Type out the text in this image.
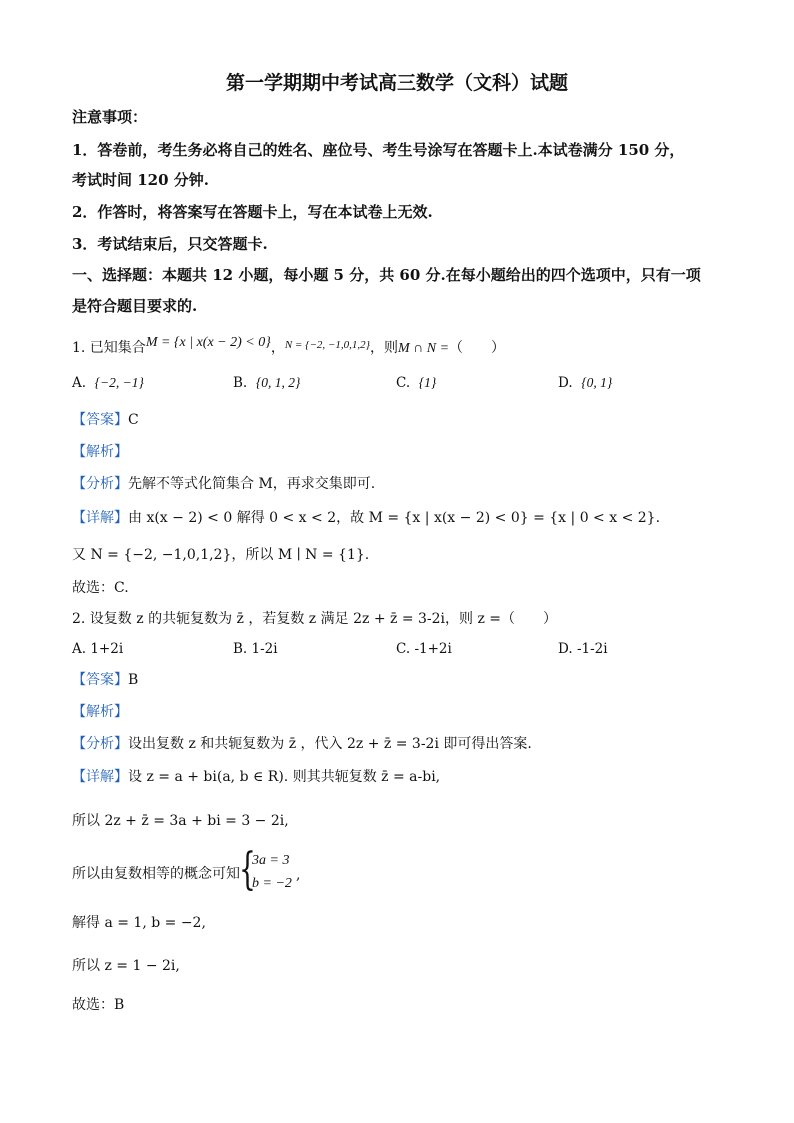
第一学期期中考试高三数学（文科）试题
注意事项：
1．答卷前，考生务必将自己的姓名、座位号、考生号涂写在答题卡上.本试卷满分 150 分，
考试时间 120 分钟.
2．作答时，将答案写在答题卡上，写在本试卷上无效.
3．考试结束后，只交答题卡.
一、选择题：本题共 12 小题，每小题 5 分，共 60 分.在每小题给出的四个选项中，只有一项
是符合题目要求的.
1. 已知集合M = {x | x(x − 2) < 0}，$^{N = \{-2, -1,0,1,2\}}$，则M ∩ N =（　　）
A. {−2, −1}	B. {0, 1, 2}	C. {1}	D. {0, 1}
【答案】C
【解析】
【分析】先解不等式化简集合 M，再求交集即可.
【详解】由 x(x − 2) < 0 解得 0 < x < 2，故 M = {x | x(x − 2) < 0} = {x | 0 < x < 2}.
又 N = {−2, −1,0,1,2}，所以 M ∣ N = {1}.
故选：C.
2. 设复数 z 的共轭复数为 z̄ ，若复数 z 满足 2z + z̄ = 3-2i，则 z =（　　）
A. 1+2i	B. 1-2i	C. -1+2i	D. -1-2i
【答案】B
【解析】
【分析】设出复数 z 和共轭复数为 z̄ ，代入 2z + z̄ = 3-2i 即可得出答案.
【详解】设 z = a + bi(a, b ∈ R). 则其共轭复数 z̄ = a-bi,
所以 2z + z̄ = 3a + bi = 3 − 2i,
所以由复数相等的概念可知 {
3a = 3
b = −2
,
解得 a = 1, b = −2,
所以 z = 1 − 2i,
故选：B
